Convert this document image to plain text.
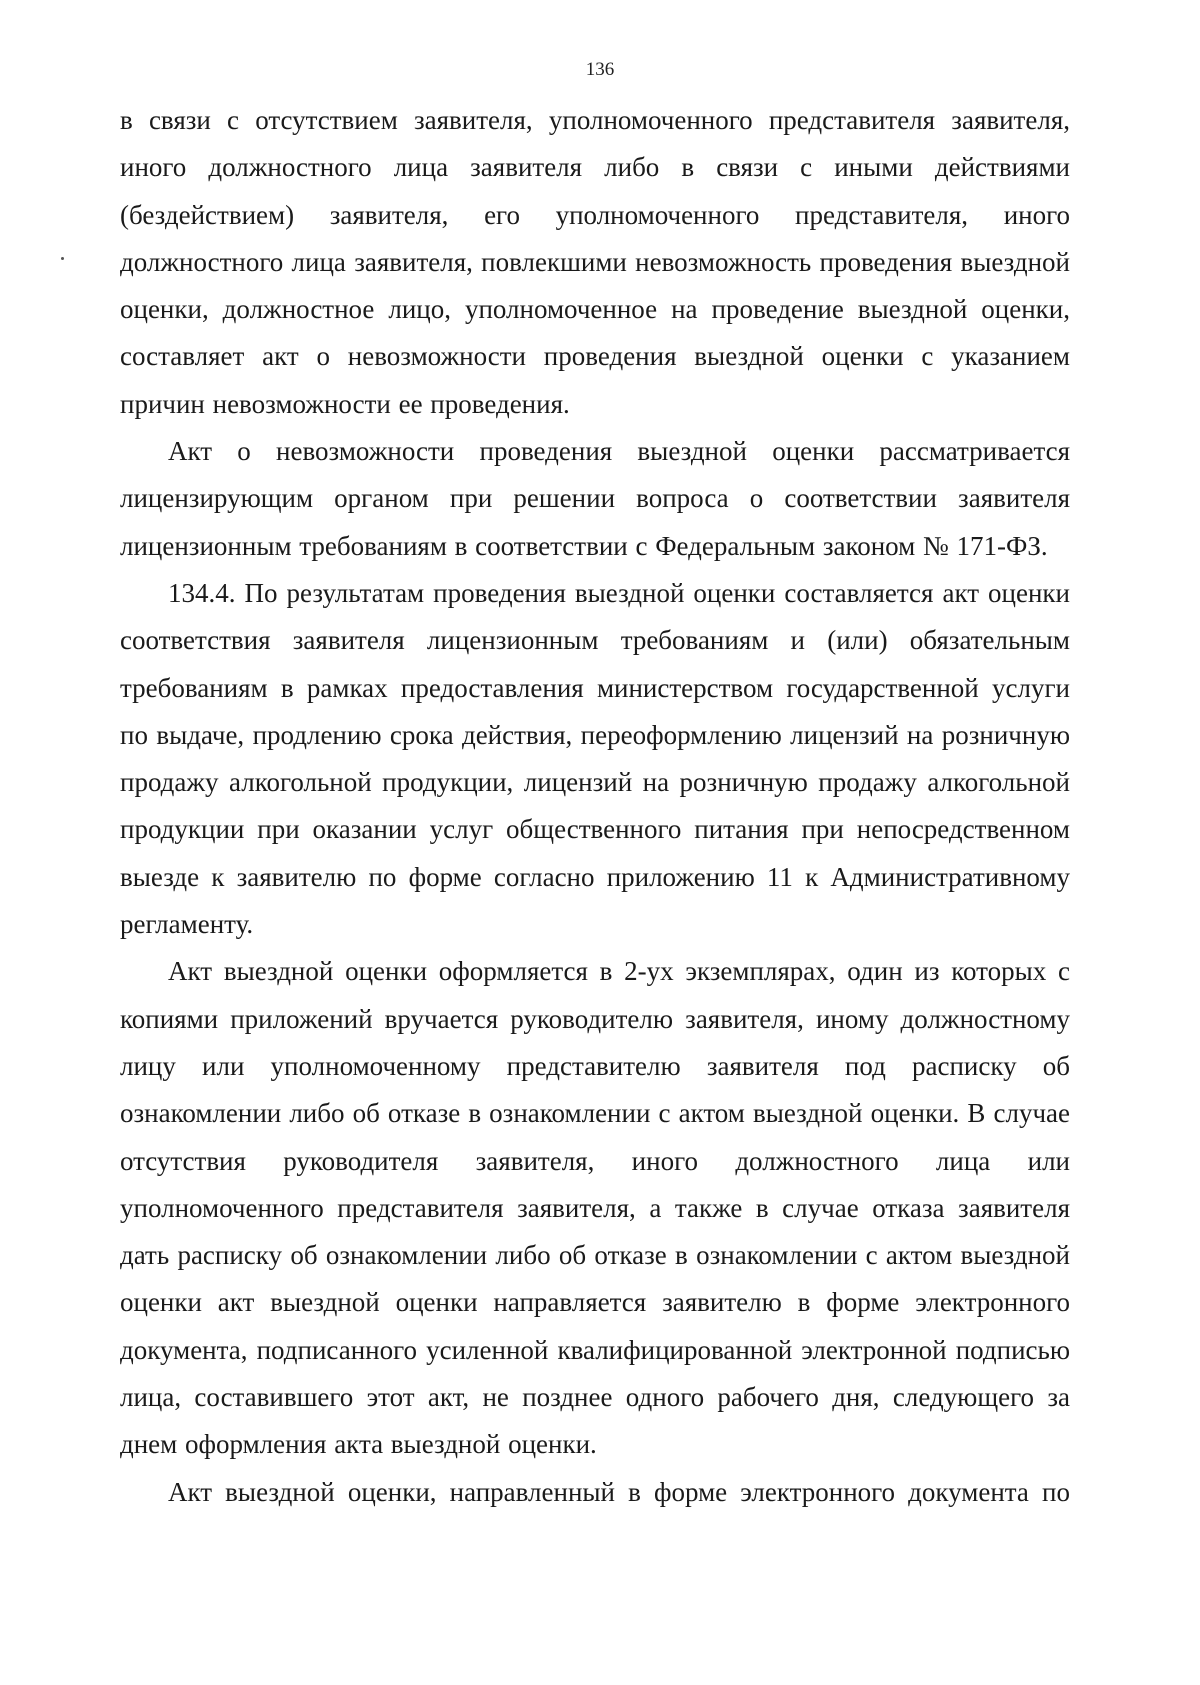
136

в связи с отсутствием заявителя, уполномоченного представителя заявителя, иного должностного лица заявителя либо в связи с иными действиями (бездействием) заявителя, его уполномоченного представителя, иного должностного лица заявителя, повлекшими невозможность проведения выездной оценки, должностное лицо, уполномоченное на проведение выездной оценки, составляет акт о невозможности проведения выездной оценки с указанием причин невозможности ее проведения.

Акт о невозможности проведения выездной оценки рассматривается лицензирующим органом при решении вопроса о соответствии заявителя лицензионным требованиям в соответствии с Федеральным законом № 171-ФЗ.

134.4. По результатам проведения выездной оценки составляется акт оценки соответствия заявителя лицензионным требованиям и (или) обязательным требованиям в рамках предоставления министерством государственной услуги по выдаче, продлению срока действия, переоформлению лицензий на розничную продажу алкогольной продукции, лицензий на розничную продажу алкогольной продукции при оказании услуг общественного питания при непосредственном выезде к заявителю по форме согласно приложению 11 к Административному регламенту.

Акт выездной оценки оформляется в 2-ух экземплярах, один из которых с копиями приложений вручается руководителю заявителя, иному должностному лицу или уполномоченному представителю заявителя под расписку об ознакомлении либо об отказе в ознакомлении с актом выездной оценки. В случае отсутствия руководителя заявителя, иного должностного лица или уполномоченного представителя заявителя, а также в случае отказа заявителя дать расписку об ознакомлении либо об отказе в ознакомлении с актом выездной оценки акт выездной оценки направляется заявителю в форме электронного документа, подписанного усиленной квалифицированной электронной подписью лица, составившего этот акт, не позднее одного рабочего дня, следующего за днем оформления акта выездной оценки.

Акт выездной оценки, направленный в форме электронного документа по
